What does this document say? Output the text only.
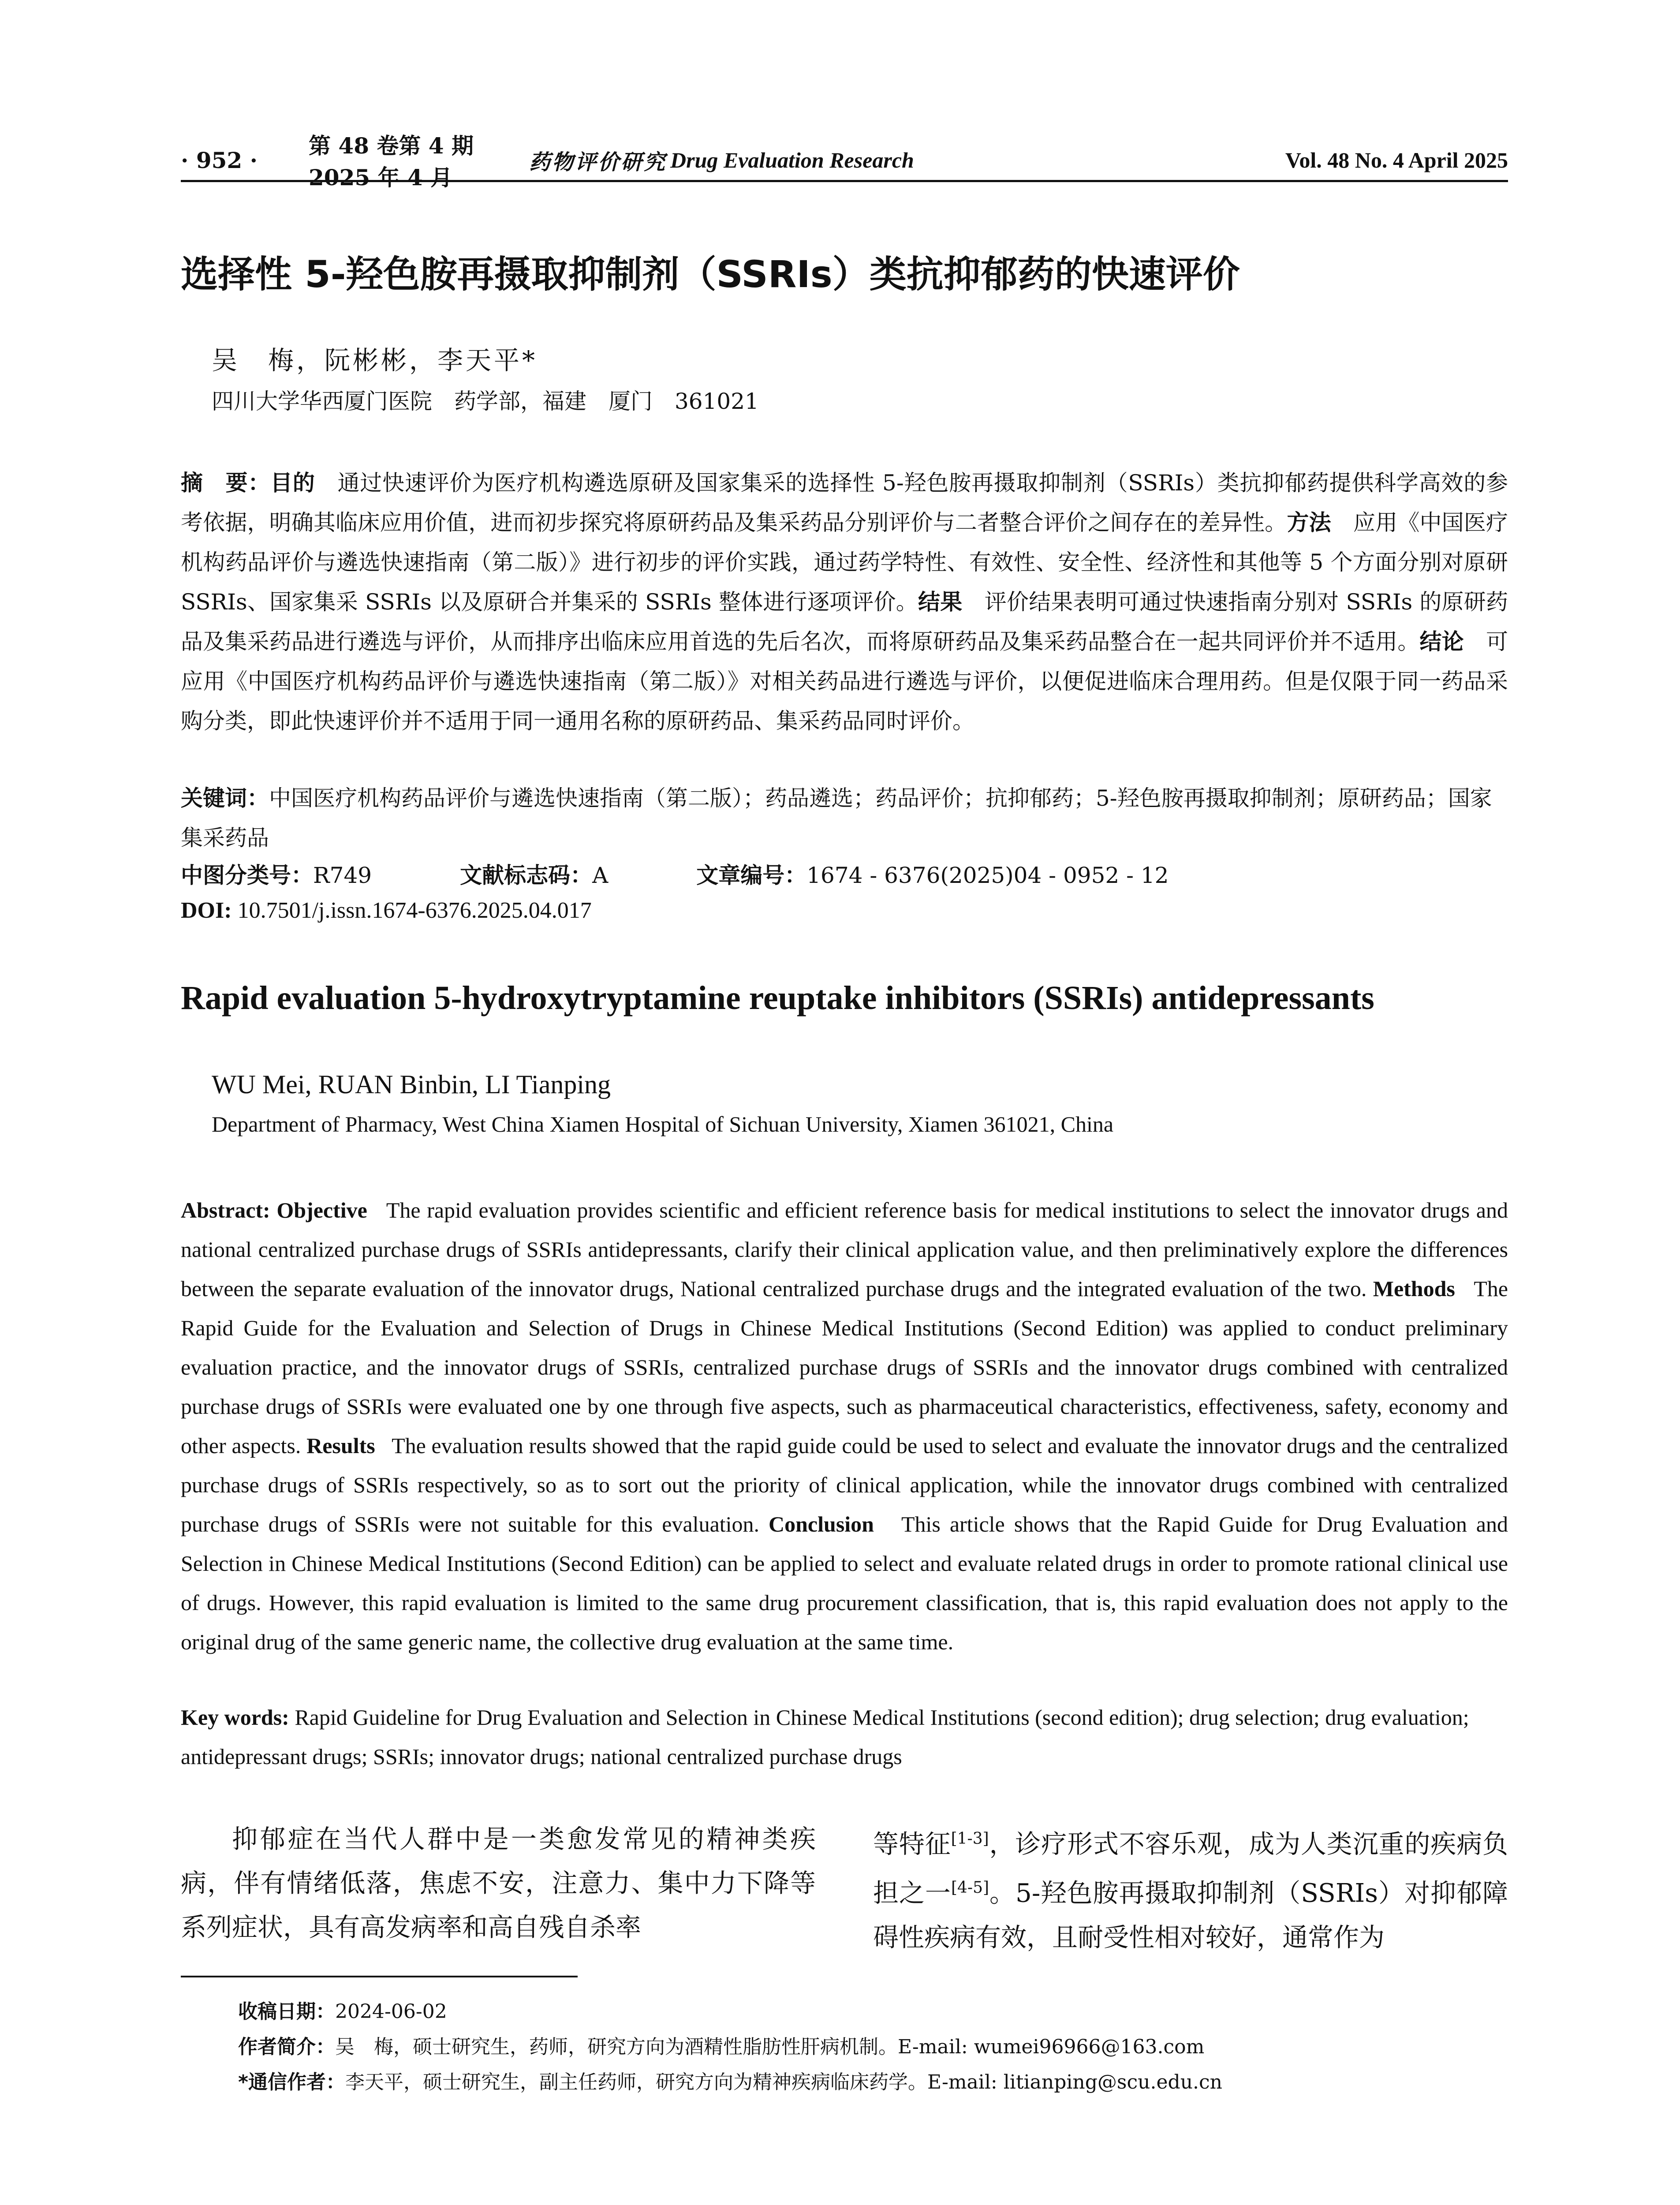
· 952 ·
第 48 卷第 4 期　2025 年 4 月
药物评价研究 Drug Evaluation Research	Vol. 48 No. 4 April 2025
选择性 5-羟色胺再摄取抑制剂（SSRIs）类抗抑郁药的快速评价
吴　梅，阮彬彬，李天平*
四川大学华西厦门医院　药学部，福建　厦门　361021
摘　要：目的　 通过快速评价为医疗机构遴选原研及国家集采的选择性 5-羟色胺再摄取抑制剂（SSRIs）类抗抑郁药提供科学高效的参考依据，明确其临床应用价值，进而初步探究将原研药品及集采药品分别评价与二者整合评价之间存在的差异性。方法　 应用《中国医疗机构药品评价与遴选快速指南（第二版）》进行初步的评价实践，通过药学特性、有效性、安全性、经济性和其他等 5 个方面分别对原研 SSRIs、国家集采 SSRIs 以及原研合并集采的 SSRIs 整体进行逐项评价。结果　 评价结果表明可通过快速指南分别对 SSRIs 的原研药品及集采药品进行遴选与评价，从而排序出临床应用首选的先后名次，而将原研药品及集采药品整合在一起共同评价并不适用。结论　 可应用《中国医疗机构药品评价与遴选快速指南（第二版）》对相关药品进行遴选与评价，以便促进临床合理用药。但是仅限于同一药品采购分类，即此快速评价并不适用于同一通用名称的原研药品、集采药品同时评价。
关键词：中国医疗机构药品评价与遴选快速指南（第二版）；药品遴选；药品评价；抗抑郁药；5-羟色胺再摄取抑制剂；原研药品；国家集采药品
中图分类号：R749	文献标志码：A	文章编号：1674 - 6376(2025)04 - 0952 - 12
DOI: 10.7501/j.issn.1674-6376.2025.04.017
Rapid evaluation 5-hydroxytryptamine reuptake inhibitors (SSRIs) antidepressants
WU Mei, RUAN Binbin, LI Tianping
Department of Pharmacy, West China Xiamen Hospital of Sichuan University, Xiamen 361021, China
Abstract: Objective The rapid evaluation provides scientific and efficient reference basis for medical institutions to select the innovator drugs and national centralized purchase drugs of SSRIs antidepressants, clarify their clinical application value, and then preliminatively explore the differences between the separate evaluation of the innovator drugs, National centralized purchase drugs and the integrated evaluation of the two. Methods The Rapid Guide for the Evaluation and Selection of Drugs in Chinese Medical Institutions (Second Edition) was applied to conduct preliminary evaluation practice, and the innovator drugs of SSRIs, centralized purchase drugs of SSRIs and the innovator drugs combined with centralized purchase drugs of SSRIs were evaluated one by one through five aspects, such as pharmaceutical characteristics, effectiveness, safety, economy and other aspects. Results The evaluation results showed that the rapid guide could be used to select and evaluate the innovator drugs and the centralized purchase drugs of SSRIs respectively, so as to sort out the priority of clinical application, while the innovator drugs combined with centralized purchase drugs of SSRIs were not suitable for this evaluation. Conclusion This article shows that the Rapid Guide for Drug Evaluation and Selection in Chinese Medical Institutions (Second Edition) can be applied to select and evaluate related drugs in order to promote rational clinical use of drugs. However, this rapid evaluation is limited to the same drug procurement classification, that is, this rapid evaluation does not apply to the original drug of the same generic name, the collective drug evaluation at the same time.
Key words: Rapid Guideline for Drug Evaluation and Selection in Chinese Medical Institutions (second edition); drug selection; drug evaluation; antidepressant drugs; SSRIs; innovator drugs; national centralized purchase drugs
抑郁症在当代人群中是一类愈发常见的精神类疾病，伴有情绪低落，焦虑不安，注意力、集中力下降等系列症状，具有高发病率和高自残自杀率
等特征[1-3]，诊疗形式不容乐观，成为人类沉重的疾病负担之一[4-5]。5-羟色胺再摄取抑制剂（SSRIs）对抑郁障碍性疾病有效，且耐受性相对较好，通常作为
收稿日期：2024-06-02
作者简介：吴　梅，硕士研究生，药师，研究方向为酒精性脂肪性肝病机制。E-mail: wumei96966@163.com
*通信作者：李天平，硕士研究生，副主任药师，研究方向为精神疾病临床药学。E-mail: litianping@scu.edu.cn
